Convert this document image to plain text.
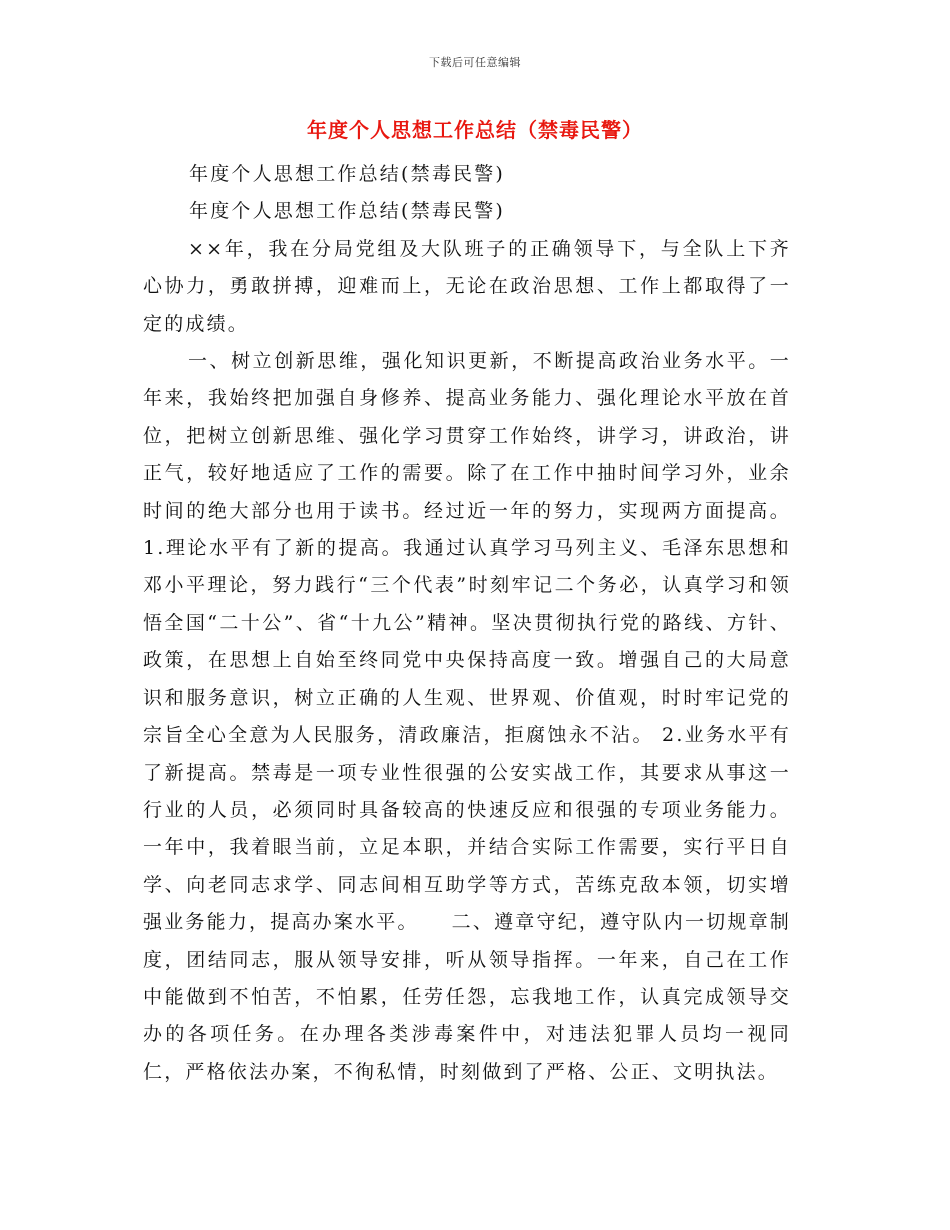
下载后可任意编辑
年度个人思想工作总结（禁毒民警）

年度个人思想工作总结(禁毒民警)

年度个人思想工作总结(禁毒民警)

××年，我在分局党组及大队班子的正确领导下，与全队上下齐心协力，勇敢拼搏，迎难而上，无论在政治思想、工作上都取得了一定的成绩。

一、树立创新思维，强化知识更新，不断提高政治业务水平。一年来，我始终把加强自身修养、提高业务能力、强化理论水平放在首位，把树立创新思维、强化学习贯穿工作始终，讲学习，讲政治，讲正气，较好地适应了工作的需要。除了在工作中抽时间学习外，业余时间的绝大部分也用于读书。经过近一年的努力，实现两方面提高。 1.理论水平有了新的提高。我通过认真学习马列主义、毛泽东思想和邓小平理论，努力践行“三个代表”时刻牢记二个务必，认真学习和领悟全国“二十公”、省“十九公”精神。坚决贯彻执行党的路线、方针、政策，在思想上自始至终同党中央保持高度一致。增强自己的大局意识和服务意识，树立正确的人生观、世界观、价值观，时时牢记党的宗旨全心全意为人民服务，清政廉洁，拒腐蚀永不沾。 2.业务水平有了新提高。禁毒是一项专业性很强的公安实战工作，其要求从事这一行业的人员，必须同时具备较高的快速反应和很强的专项业务能力。一年中，我着眼当前，立足本职，并结合实际工作需要，实行平日自学、向老同志求学、同志间相互助学等方式，苦练克敌本领，切实增强业务能力，提高办案水平。　　二、遵章守纪，遵守队内一切规章制度，团结同志，服从领导安排，听从领导指挥。一年来，自己在工作中能做到不怕苦，不怕累，任劳任怨，忘我地工作，认真完成领导交办的各项任务。在办理各类涉毒案件中，对违法犯罪人员均一视同仁，严格依法办案，不徇私情，时刻做到了严格、公正、文明执法。
